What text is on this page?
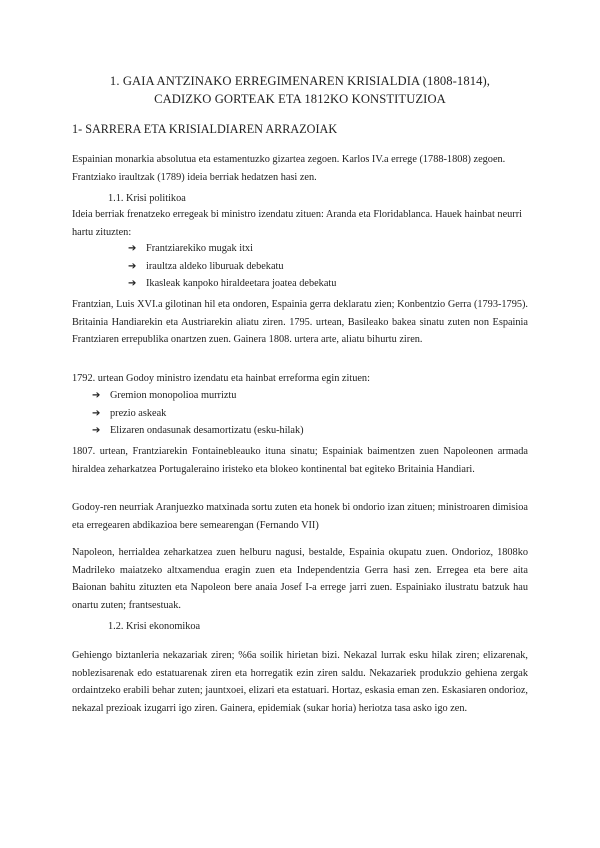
1. GAIA ANTZINAKO ERREGIMENAREN KRISIALDIA (1808-1814),
CADIZKO GORTEAK ETA 1812KO KONSTITUZIOA
1- SARRERA ETA KRISIALDIAREN ARRAZOIAK

Espainian monarkia absolutua eta estamentuzko gizartea zegoen. Karlos IV.a errege (1788-1808) zegoen. Frantziako iraultzak (1789) ideia berriak hedatzen hasi zen.

1.1. Krisi politikoa

Ideia berriak frenatzeko erregeak bi ministro izendatu zituen: Aranda eta Floridablanca. Hauek hainbat neurri hartu zituzten:

➔ Frantziarekiko mugak itxi
➔ iraultza aldeko liburuak debekatu
➔ Ikasleak kanpoko hiraldeetara joatea debekatu

Frantzian, Luis XVI.a gilotinan hil eta ondoren, Espainia gerra deklaratu zien; Konbentzio Gerra (1793-1795). Britainia Handiarekin eta Austriarekin aliatu ziren. 1795. urtean, Basileako bakea sinatu zuten non Espainia Frantziaren errepublika onartzen zuen. Gainera 1808. urtera arte, aliatu bihurtu ziren.

1792. urtean Godoy ministro izendatu eta hainbat erreforma egin zituen:

➔ Gremion monopolioa murriztu
➔ prezio askeak
➔ Elizaren ondasunak desamortizatu (esku-hilak)

1807. urtean, Frantziarekin Fontainebleauko ituna sinatu; Espainiak baimentzen zuen Napoleonen armada hiraldea zeharkatzea Portugaleraino iristeko eta blokeo kontinental bat egiteko Britainia Handiari.

Godoy-ren neurriak Aranjuezko matxinada sortu zuten eta honek bi ondorio izan zituen; ministroaren dimisioa eta erregearen abdikazioa bere semearengan (Fernando VII)

Napoleon, herrialdea zeharkatzea zuen helburu nagusi, bestalde, Espainia okupatu zuen. Ondorioz, 1808ko Madrileko maiatzeko altxamendua eragin zuen eta Independentzia Gerra hasi zen. Erregea eta bere aita Baionan bahitu zituzten eta Napoleon bere anaia Josef I-a errege jarri zuen. Espainiako ilustratu batzuk hau onartu zuten; frantsestuak.

1.2. Krisi ekonomikoa

Gehiengo biztanleria nekazariak ziren; %6a soilik hirietan bizi. Nekazal lurrak esku hilak ziren; elizarenak, noblezisarenak edo estatuarenak ziren eta horregatik ezin ziren saldu. Nekazariek produkzio gehiena zergak ordaintzeko erabili behar zuten; jauntxoei, elizari eta estatuari. Hortaz, eskasia eman zen. Eskasiaren ondorioz, nekazal prezioak izugarri igo ziren. Gainera, epidemiak (sukar horia) heriotza tasa asko igo zen.
